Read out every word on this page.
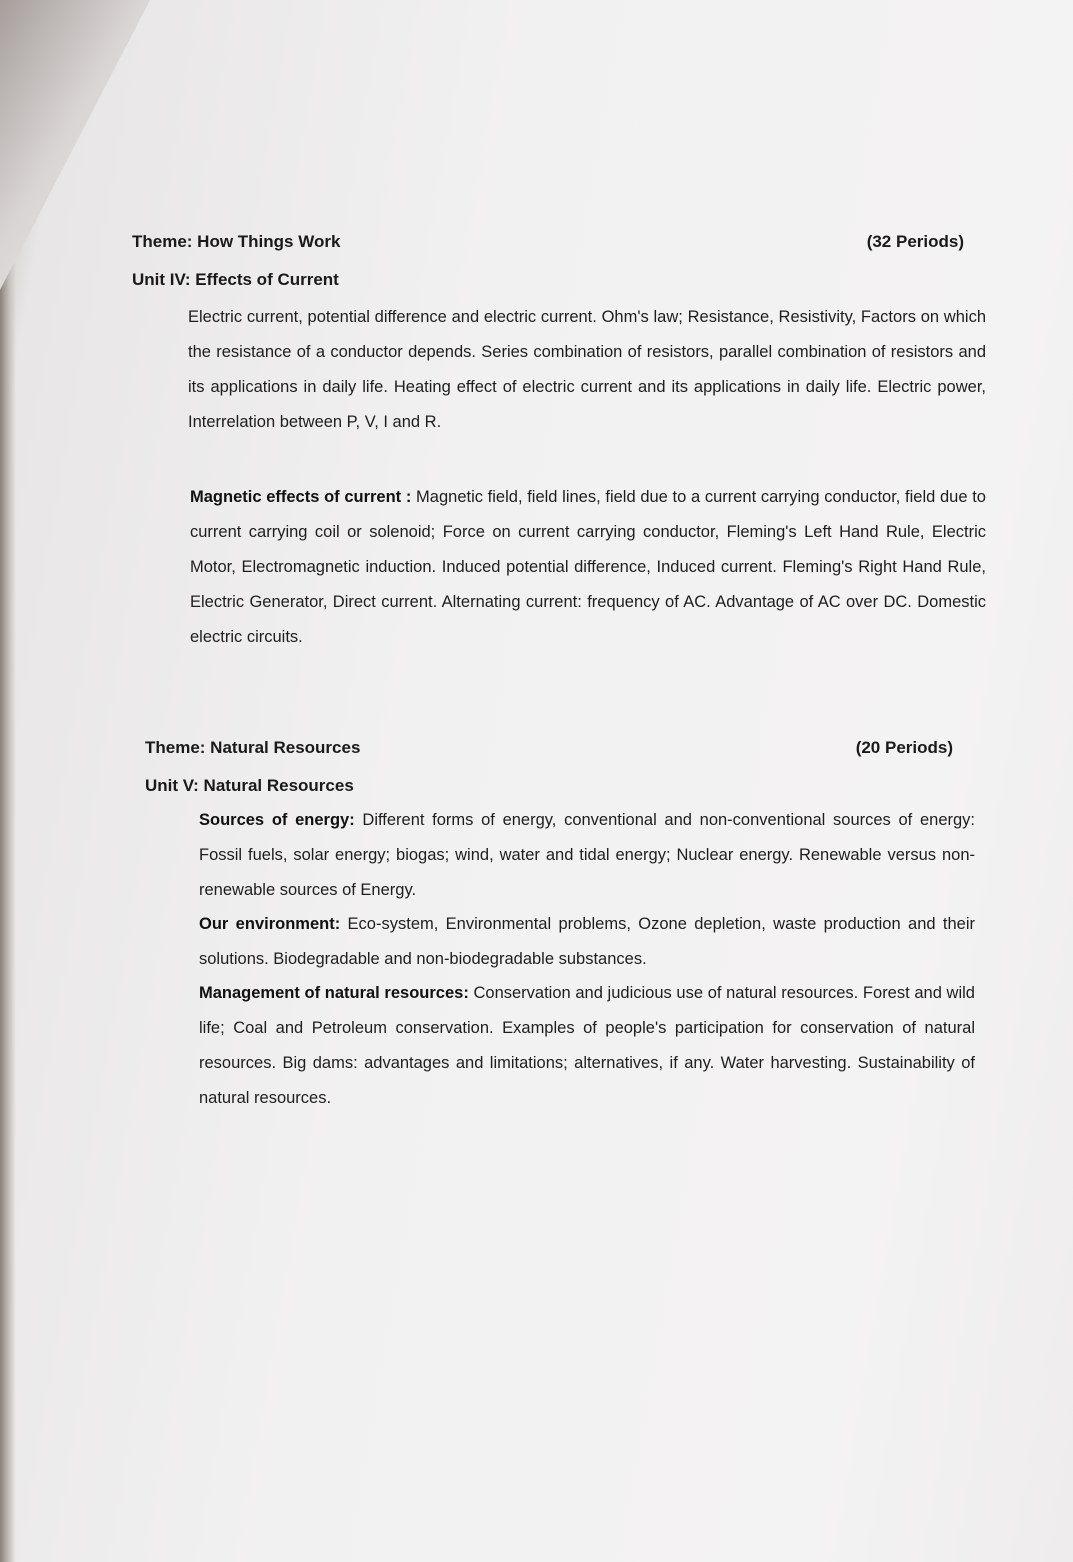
Theme: How Things Work	(32 Periods)
Unit IV: Effects of Current
Electric current, potential difference and electric current. Ohm's law; Resistance, Resistivity, Factors on which the resistance of a conductor depends. Series combination of resistors, parallel combination of resistors and its applications in daily life. Heating effect of electric current and its applications in daily life. Electric power, Interrelation between P, V, I and R.
Magnetic effects of current : Magnetic field, field lines, field due to a current carrying conductor, field due to current carrying coil or solenoid; Force on current carrying conductor, Fleming's Left Hand Rule, Electric Motor, Electromagnetic induction. Induced potential difference, Induced current. Fleming's Right Hand Rule, Electric Generator, Direct current. Alternating current: frequency of AC. Advantage of AC over DC. Domestic electric circuits.
Theme: Natural Resources	(20 Periods)
Unit V: Natural Resources
Sources of energy: Different forms of energy, conventional and non-conventional sources of energy: Fossil fuels, solar energy; biogas; wind, water and tidal energy; Nuclear energy. Renewable versus non-renewable sources of Energy.
Our environment: Eco-system, Environmental problems, Ozone depletion, waste production and their solutions. Biodegradable and non-biodegradable substances.
Management of natural resources: Conservation and judicious use of natural resources. Forest and wild life; Coal and Petroleum conservation. Examples of people's participation for conservation of natural resources. Big dams: advantages and limitations; alternatives, if any. Water harvesting. Sustainability of natural resources.
